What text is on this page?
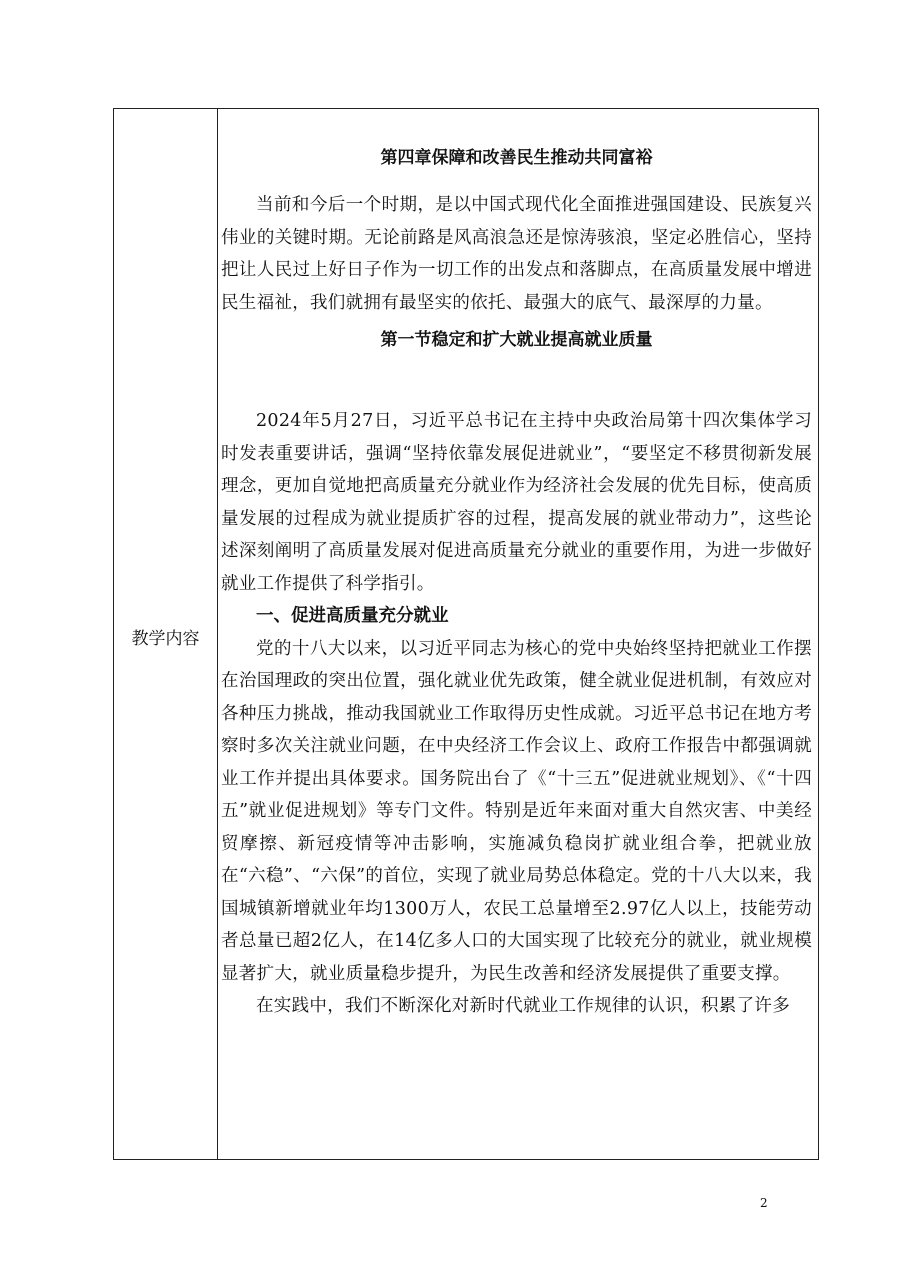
教学内容

第四章保障和改善民生推动共同富裕

当前和今后一个时期，是以中国式现代化全面推进强国建设、民族复兴伟业的关键时期。无论前路是风高浪急还是惊涛骇浪，坚定必胜信心，坚持把让人民过上好日子作为一切工作的出发点和落脚点，在高质量发展中增进民生福祉，我们就拥有最坚实的依托、最强大的底气、最深厚的力量。

第一节稳定和扩大就业提高就业质量

2024年5月27日，习近平总书记在主持中央政治局第十四次集体学习时发表重要讲话，强调“坚持依靠发展促进就业”，“要坚定不移贯彻新发展理念，更加自觉地把高质量充分就业作为经济社会发展的优先目标，使高质量发展的过程成为就业提质扩容的过程，提高发展的就业带动力”，这些论述深刻阐明了高质量发展对促进高质量充分就业的重要作用，为进一步做好就业工作提供了科学指引。

一、促进高质量充分就业

党的十八大以来，以习近平同志为核心的党中央始终坚持把就业工作摆在治国理政的突出位置，强化就业优先政策，健全就业促进机制，有效应对各种压力挑战，推动我国就业工作取得历史性成就。习近平总书记在地方考察时多次关注就业问题，在中央经济工作会议上、政府工作报告中都强调就业工作并提出具体要求。国务院出台了《“十三五”促进就业规划》、《“十四五”就业促进规划》等专门文件。特别是近年来面对重大自然灾害、中美经贸摩擦、新冠疫情等冲击影响，实施减负稳岗扩就业组合拳，把就业放在“六稳”、“六保”的首位，实现了就业局势总体稳定。党的十八大以来，我国城镇新增就业年均1300万人，农民工总量增至2.97亿人以上，技能劳动者总量已超2亿人，在14亿多人口的大国实现了比较充分的就业，就业规模显著扩大，就业质量稳步提升，为民生改善和经济发展提供了重要支撑。

在实践中，我们不断深化对新时代就业工作规律的认识，积累了许多

2
